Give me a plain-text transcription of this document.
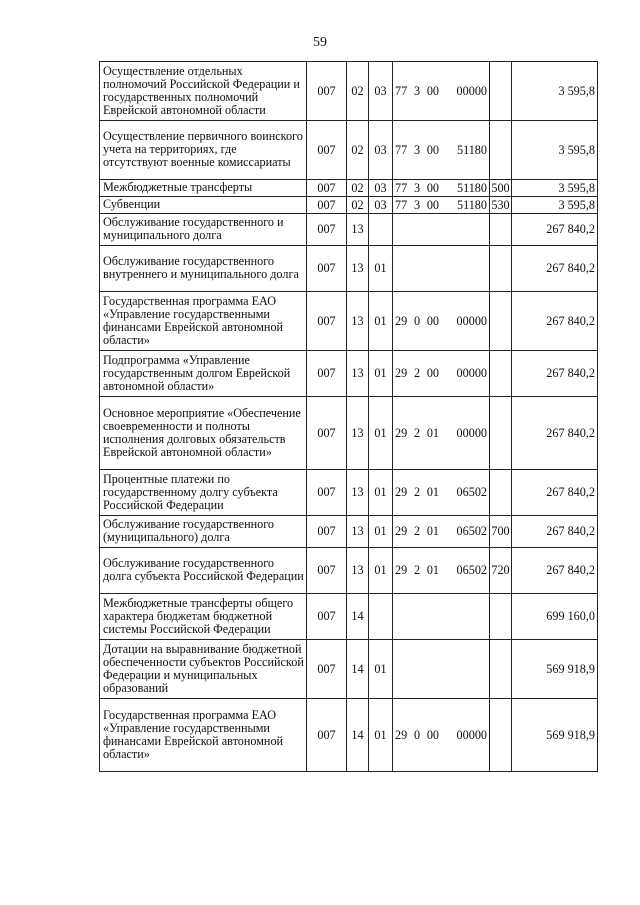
59
Осуществление отдельных полномочий Российской Федерации и государственных полномочий Еврейской автономной области	007	02	03	77 3 00 00000		3 595,8
Осуществление первичного воинского учета на территориях, где отсутствуют военные комиссариаты	007	02	03	77 3 00 51180		3 595,8
Межбюджетные трансферты	007	02	03	77 3 00 51180	500	3 595,8
Субвенции	007	02	03	77 3 00 51180	530	3 595,8
Обслуживание государственного и муниципального долга	007	13				267 840,2
Обслуживание государственного внутреннего и муниципального долга	007	13	01			267 840,2
Государственная программа ЕАО «Управление государственными финансами Еврейской автономной области»	007	13	01	29 0 00 00000		267 840,2
Подпрограмма «Управление государственным долгом Еврейской автономной области»	007	13	01	29 2 00 00000		267 840,2
Основное мероприятие «Обеспечение своевременности и полноты исполнения долговых обязательств Еврейской автономной области»	007	13	01	29 2 01 00000		267 840,2
Процентные платежи по государственному долгу субъекта Российской Федерации	007	13	01	29 2 01 06502		267 840,2
Обслуживание государственного (муниципального) долга	007	13	01	29 2 01 06502	700	267 840,2
Обслуживание государственного долга субъекта Российской Федерации	007	13	01	29 2 01 06502	720	267 840,2
Межбюджетные трансферты общего характера бюджетам бюджетной системы Российской Федерации	007	14				699 160,0
Дотации на выравнивание бюджетной обеспеченности субъектов Российской Федерации и муниципальных образований	007	14	01			569 918,9
Государственная программа ЕАО «Управление государственными финансами Еврейской автономной области»	007	14	01	29 0 00 00000		569 918,9
